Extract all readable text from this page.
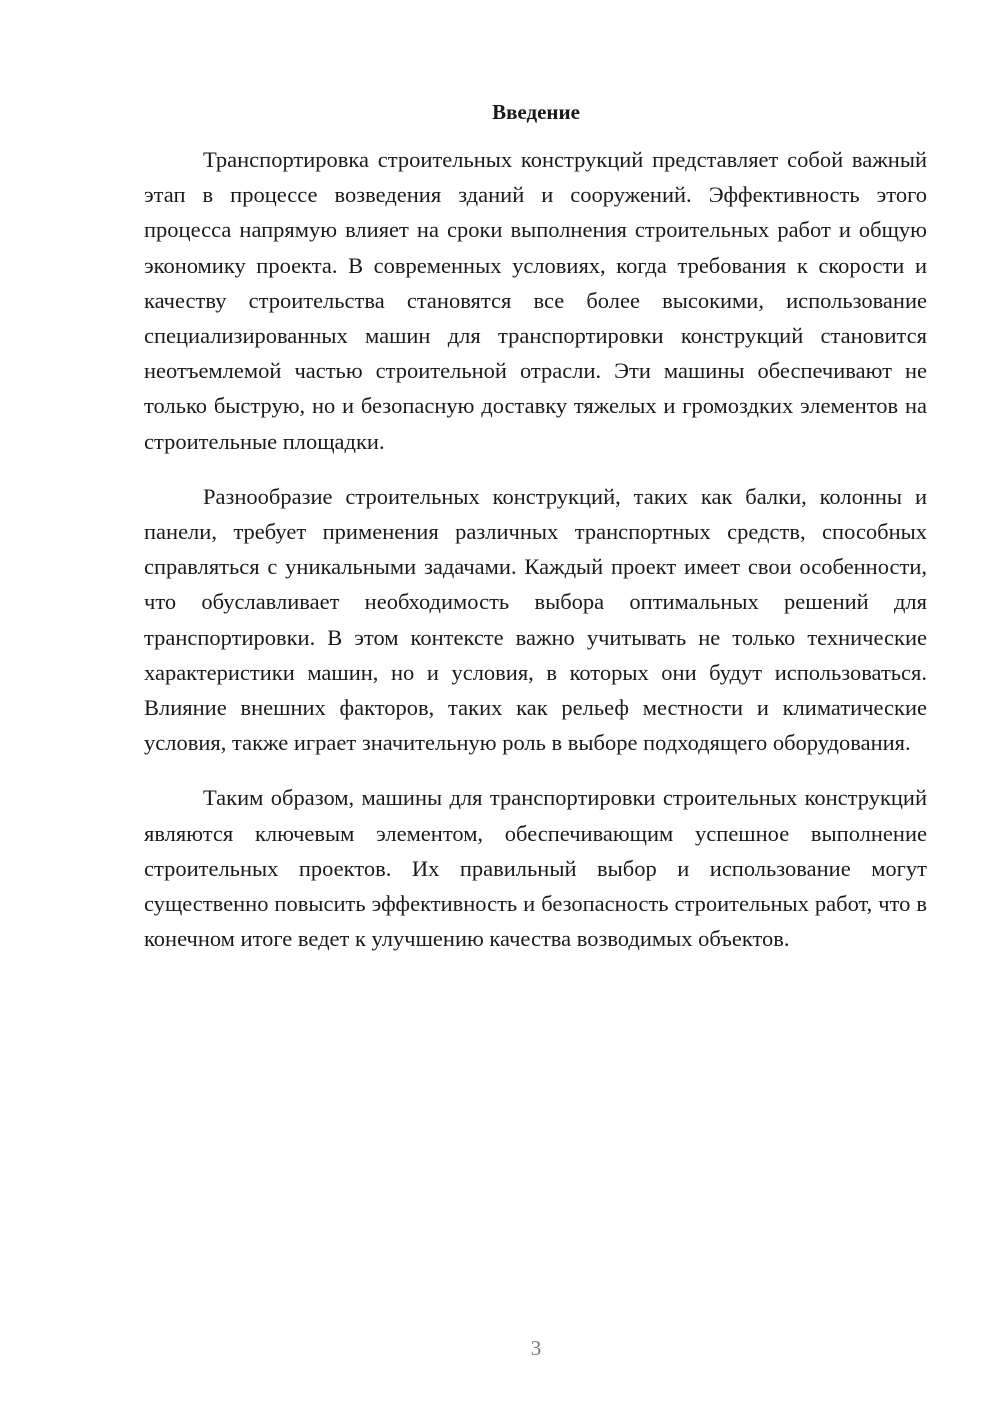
Введение

Транспортировка строительных конструкций представляет собой важный этап в процессе возведения зданий и сооружений. Эффективность этого процесса напрямую влияет на сроки выполнения строительных работ и общую экономику проекта. В современных условиях, когда требования к скорости и качеству строительства становятся все более высокими, использование специализированных машин для транспортировки конструкций становится неотъемлемой частью строительной отрасли. Эти машины обеспечивают не только быструю, но и безопасную доставку тяжелых и громоздких элементов на строительные площадки.

Разнообразие строительных конструкций, таких как балки, колонны и панели, требует применения различных транспортных средств, способных справляться с уникальными задачами. Каждый проект имеет свои особенности, что обуславливает необходимость выбора оптимальных решений для транспортировки. В этом контексте важно учитывать не только технические характеристики машин, но и условия, в которых они будут использоваться. Влияние внешних факторов, таких как рельеф местности и климатические условия, также играет значительную роль в выборе подходящего оборудования.

Таким образом, машины для транспортировки строительных конструкций являются ключевым элементом, обеспечивающим успешное выполнение строительных проектов. Их правильный выбор и использование могут существенно повысить эффективность и безопасность строительных работ, что в конечном итоге ведет к улучшению качества возводимых объектов.

3
